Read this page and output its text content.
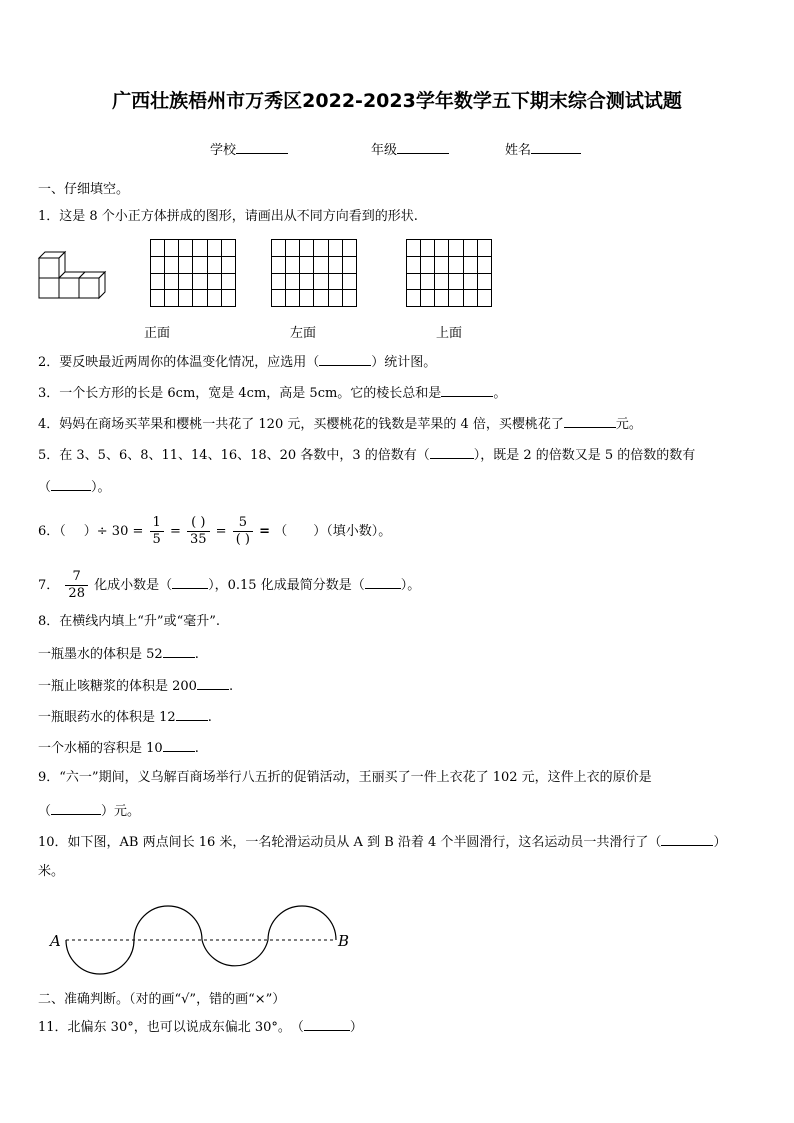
广西壮族梧州市万秀区2022-2023学年数学五下期末综合测试试题
学校	年级	姓名
一、仔细填空。
1．这是 8 个小正方体拼成的图形，请画出从不同方向看到的形状.
正面	左面	上面
2．要反映最近两周你的体温变化情况，应选用（	）统计图。
3．一个长方形的长是 6cm，宽是 4cm，高是 5cm。它的棱长总和是	。
4．妈妈在商场买苹果和樱桃一共花了 120 元，买樱桃花的钱数是苹果的 4 倍，买樱桃花了	元。
5．在 3、5、6、8、11、14、16、18、20 各数中，3 的倍数有（	），既是 2 的倍数又是 5 的倍数的数有
（	）。
6．（ ）÷ $30 = \frac{1}{5} = \frac{( )}{35} = \frac{5}{( )}$ = （　　）（填小数）。
7． $\frac{7}{28}$ 化成小数是（	），0.15 化成最简分数是（	）。
8．在横线内填上“升”或“毫升”.
一瓶墨水的体积是 52 .
一瓶止咳糖浆的体积是 200 .
一瓶眼药水的体积是 12 .
一个水桶的容积是 10 .
9．“六一”期间，义乌解百商场举行八五折的促销活动，王丽买了一件上衣花了 102 元，这件上衣的原价是
（	）元。
10．如下图，AB 两点间长 16 米，一名轮滑运动员从 A 到 B 沿着 4 个半圆滑行，这名运动员一共滑行了（	）
米。
A	B
二、准确判断。（对的画“√”，错的画“×”）
11．北偏东 30°，也可以说成东偏北 30°。　（	）
